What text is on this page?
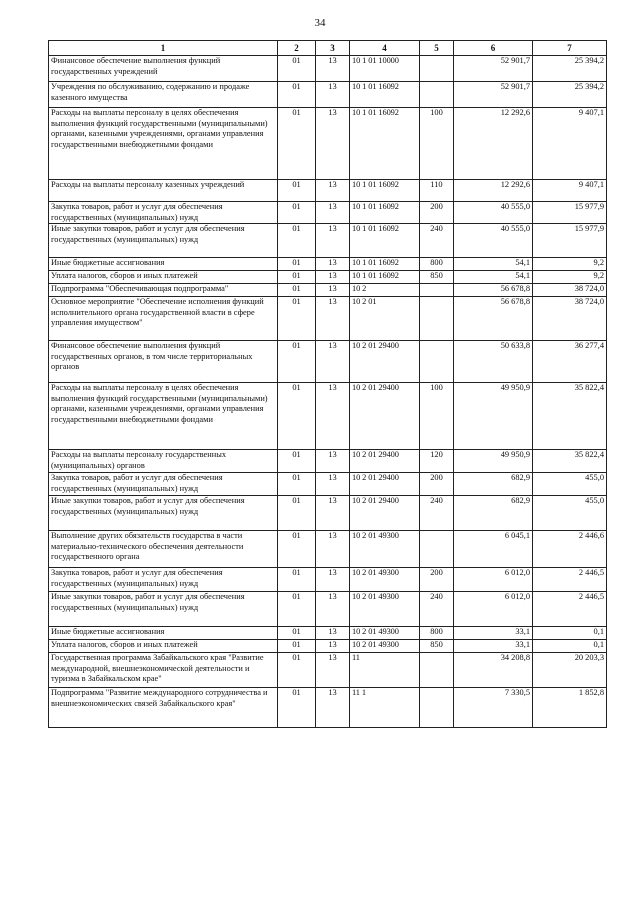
34
1	2	3	4	5	6	7
Финансовое обеспечение выполнения функций государственных учреждений	01	13	10 1 01 10000		52 901,7	25 394,2
Учреждения по обслуживанию, содержанию и продаже казенного имущества	01	13	10 1 01 16092		52 901,7	25 394,2
Расходы на выплаты персоналу в целях обеспечения выполнения функций государственными (муниципальными) органами, казенными учреждениями, органами управления государственными внебюджетными фондами	01	13	10 1 01 16092	100	12 292,6	9 407,1
Расходы на выплаты персоналу казенных учреждений	01	13	10 1 01 16092	110	12 292,6	9 407,1
Закупка товаров, работ и услуг для обеспечения государственных (муниципальных) нужд	01	13	10 1 01 16092	200	40 555,0	15 977,9
Иные закупки товаров, работ и услуг для обеспечения государственных (муниципальных) нужд	01	13	10 1 01 16092	240	40 555,0	15 977,9
Иные бюджетные ассигнования	01	13	10 1 01 16092	800	54,1	9,2
Уплата налогов, сборов и иных платежей	01	13	10 1 01 16092	850	54,1	9,2
Подпрограмма "Обеспечивающая подпрограмма"	01	13	10 2		56 678,8	38 724,0
Основное мероприятие "Обеспечение исполнения функций исполнительного органа государственной власти в сфере управления имуществом"	01	13	10 2 01		56 678,8	38 724,0
Финансовое обеспечение выполнения функций государственных органов, в том числе территориальных органов	01	13	10 2 01 29400		50 633,8	36 277,4
Расходы на выплаты персоналу в целях обеспечения выполнения функций государственными (муниципальными) органами, казенными учреждениями, органами управления государственными внебюджетными фондами	01	13	10 2 01 29400	100	49 950,9	35 822,4
Расходы на выплаты персоналу государственных (муниципальных) органов	01	13	10 2 01 29400	120	49 950,9	35 822,4
Закупка товаров, работ и услуг для обеспечения государственных (муниципальных) нужд	01	13	10 2 01 29400	200	682,9	455,0
Иные закупки товаров, работ и услуг для обеспечения государственных (муниципальных) нужд	01	13	10 2 01 29400	240	682,9	455,0
Выполнение других обязательств государства в части материально-технического обеспечения деятельности государственного органа	01	13	10 2 01 49300		6 045,1	2 446,6
Закупка товаров, работ и услуг для обеспечения государственных (муниципальных) нужд	01	13	10 2 01 49300	200	6 012,0	2 446,5
Иные закупки товаров, работ и услуг для обеспечения государственных (муниципальных) нужд	01	13	10 2 01 49300	240	6 012,0	2 446,5
Иные бюджетные ассигнования	01	13	10 2 01 49300	800	33,1	0,1
Уплата налогов, сборов и иных платежей	01	13	10 2 01 49300	850	33,1	0,1
Государственная программа Забайкальского края "Развитие международной, внешнеэкономической деятельности и туризма в Забайкальском крае"	01	13	11		34 208,8	20 203,3
Подпрограмма "Развитие международного сотрудничества и внешнеэкономических связей Забайкальского края"	01	13	11 1		7 330,5	1 852,8
